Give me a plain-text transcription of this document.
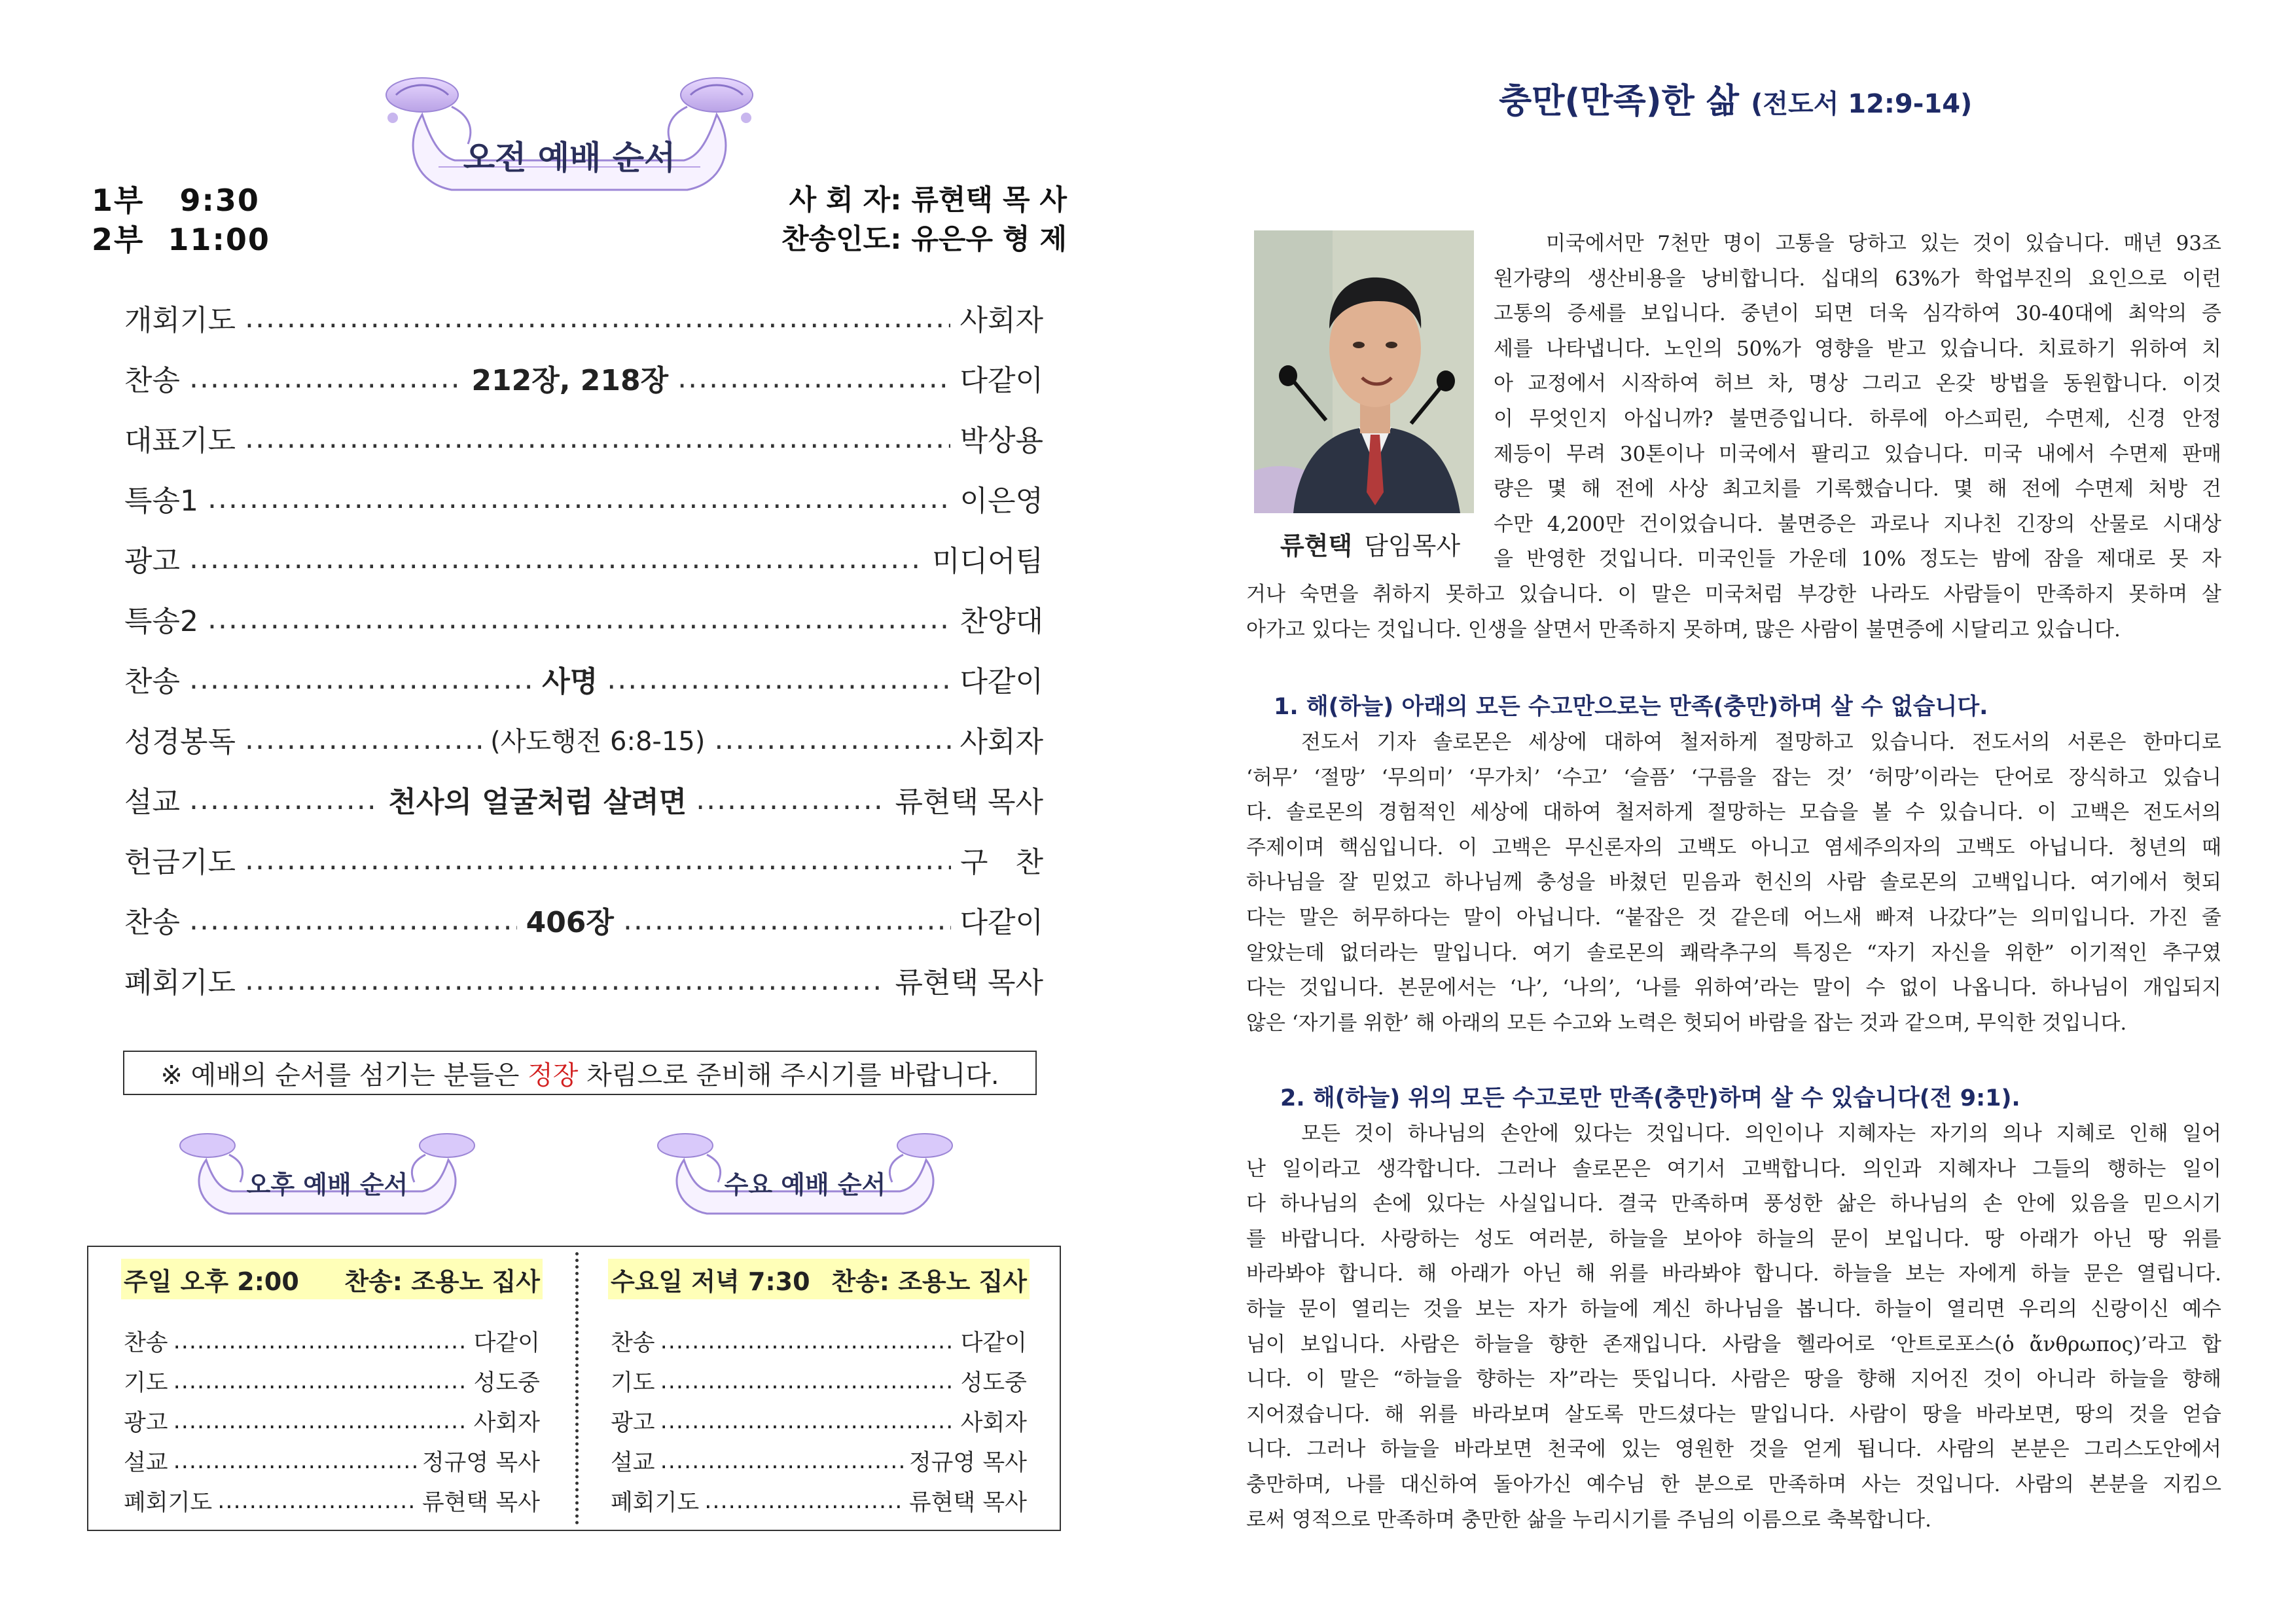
오전 예배 순서
1부   9:30
2부  11:00
사 회 자: 류현택 목 사
찬송인도: 유은우 형 제
개회기도 .....	사회자
찬송 .....	212장, 218장 .....	다같이
대표기도 .....	박상용
특송1 .....	이은영
광고 .....	미디어팀
특송2 .....	찬양대
찬송 .....	사명 .....	다같이
성경봉독 .....	(사도행전 6:8-15) .....	사회자
설교 .....	천사의 얼굴처럼 살려면 .....	류현택 목사
헌금기도 .....	구   찬
찬송 .....	406장 .....	다같이
폐회기도 .....	류현택 목사
※ 예배의 순서를 섬기는 분들은 정장 차림으로 준비해 주시기를 바랍니다.
오후 예배 순서	수요 예배 순서
주일 오후 2:00 찬송: 조용노 집사
찬송 .....	다같이
기도 .....	성도중
광고 .....	사회자
설교 .....	정규영 목사
폐회기도 .....	류현택 목사
수요일 저녁 7:30 찬송: 조용노 집사
찬송 .....	다같이
기도 .....	성도중
광고 .....	사회자
설교 .....	정규영 목사
폐회기도 .....	류현택 목사
충만(만족)한 삶 (전도서 12:9-14)
류현택 담임목사
미국에서만 7천만 명이 고통을 당하고 있는 것이 있습니다. 매년 93조
원가량의 생산비용을 낭비합니다. 십대의 63%가 학업부진의 요인으로 이런
고통의 증세를 보입니다. 중년이 되면 더욱 심각하여 30-40대에 최악의 증
세를 나타냅니다. 노인의 50%가 영향을 받고 있습니다. 치료하기 위하여 치
아 교정에서 시작하여 허브 차, 명상 그리고 온갖 방법을 동원합니다. 이것
이 무엇인지 아십니까? 불면증입니다. 하루에 아스피린, 수면제, 신경 안정
제등이 무려 30톤이나 미국에서 팔리고 있습니다. 미국 내에서 수면제 판매
량은 몇 해 전에 사상 최고치를 기록했습니다. 몇 해 전에 수면제 처방 건
수만 4,200만 건이었습니다. 불면증은 과로나 지나친 긴장의 산물로 시대상
을 반영한 것입니다. 미국인들 가운데 10% 정도는 밤에 잠을 제대로 못 자
거나 숙면을 취하지 못하고 있습니다. 이 말은 미국처럼 부강한 나라도 사람들이 만족하지 못하며 살
아가고 있다는 것입니다. 인생을 살면서 만족하지 못하며, 많은 사람이 불면증에 시달리고 있습니다.
1. 해(하늘) 아래의 모든 수고만으로는 만족(충만)하며 살 수 없습니다.
전도서 기자 솔로몬은 세상에 대하여 철저하게 절망하고 있습니다. 전도서의 서론은 한마디로
‘허무’ ‘절망’ ‘무의미’ ‘무가치’ ‘수고’ ‘슬픔’ ‘구름을 잡는 것’ ‘허망’이라는 단어로 장식하고 있습니
다. 솔로몬의 경험적인 세상에 대하여 철저하게 절망하는 모습을 볼 수 있습니다. 이 고백은 전도서의
주제이며 핵심입니다. 이 고백은 무신론자의 고백도 아니고 염세주의자의 고백도 아닙니다. 청년의 때
하나님을 잘 믿었고 하나님께 충성을 바쳤던 믿음과 헌신의 사람 솔로몬의 고백입니다. 여기에서 헛되
다는 말은 허무하다는 말이 아닙니다. “붙잡은 것 같은데 어느새 빠져 나갔다”는 의미입니다. 가진 줄
알았는데 없더라는 말입니다. 여기 솔로몬의 쾌락추구의 특징은 “자기 자신을 위한” 이기적인 추구였
다는 것입니다. 본문에서는 ‘나’, ‘나의’, ‘나를 위하여’라는 말이 수 없이 나옵니다. 하나님이 개입되지
않은 ‘자기를 위한’ 해 아래의 모든 수고와 노력은 헛되어 바람을 잡는 것과 같으며, 무익한 것입니다.
2. 해(하늘) 위의 모든 수고로만 만족(충만)하며 살 수 있습니다(전 9:1).
모든 것이 하나님의 손안에 있다는 것입니다. 의인이나 지혜자는 자기의 의나 지혜로 인해 일어
난 일이라고 생각합니다. 그러나 솔로몬은 여기서 고백합니다. 의인과 지혜자나 그들의 행하는 일이
다 하나님의 손에 있다는 사실입니다. 결국 만족하며 풍성한 삶은 하나님의 손 안에 있음을 믿으시기
를 바랍니다. 사랑하는 성도 여러분, 하늘을 보아야 하늘의 문이 보입니다. 땅 아래가 아닌 땅 위를
바라봐야 합니다. 해 아래가 아닌 해 위를 바라봐야 합니다. 하늘을 보는 자에게 하늘 문은 열립니다.
하늘 문이 열리는 것을 보는 자가 하늘에 계신 하나님을 봅니다. 하늘이 열리면 우리의 신랑이신 예수
님이 보입니다. 사람은 하늘을 향한 존재입니다. 사람을 헬라어로 ‘안트로포스(ὁ ἄνθρωπος)’라고 합
니다. 이 말은 “하늘을 향하는 자”라는 뜻입니다. 사람은 땅을 향해 지어진 것이 아니라 하늘을 향해
지어졌습니다. 해 위를 바라보며 살도록 만드셨다는 말입니다. 사람이 땅을 바라보면, 땅의 것을 얻습
니다. 그러나 하늘을 바라보면 천국에 있는 영원한 것을 얻게 됩니다. 사람의 본분은 그리스도안에서
충만하며, 나를 대신하여 돌아가신 예수님 한 분으로 만족하며 사는 것입니다. 사람의 본분을 지킴으
로써 영적으로 만족하며 충만한 삶을 누리시기를 주님의 이름으로 축복합니다.
